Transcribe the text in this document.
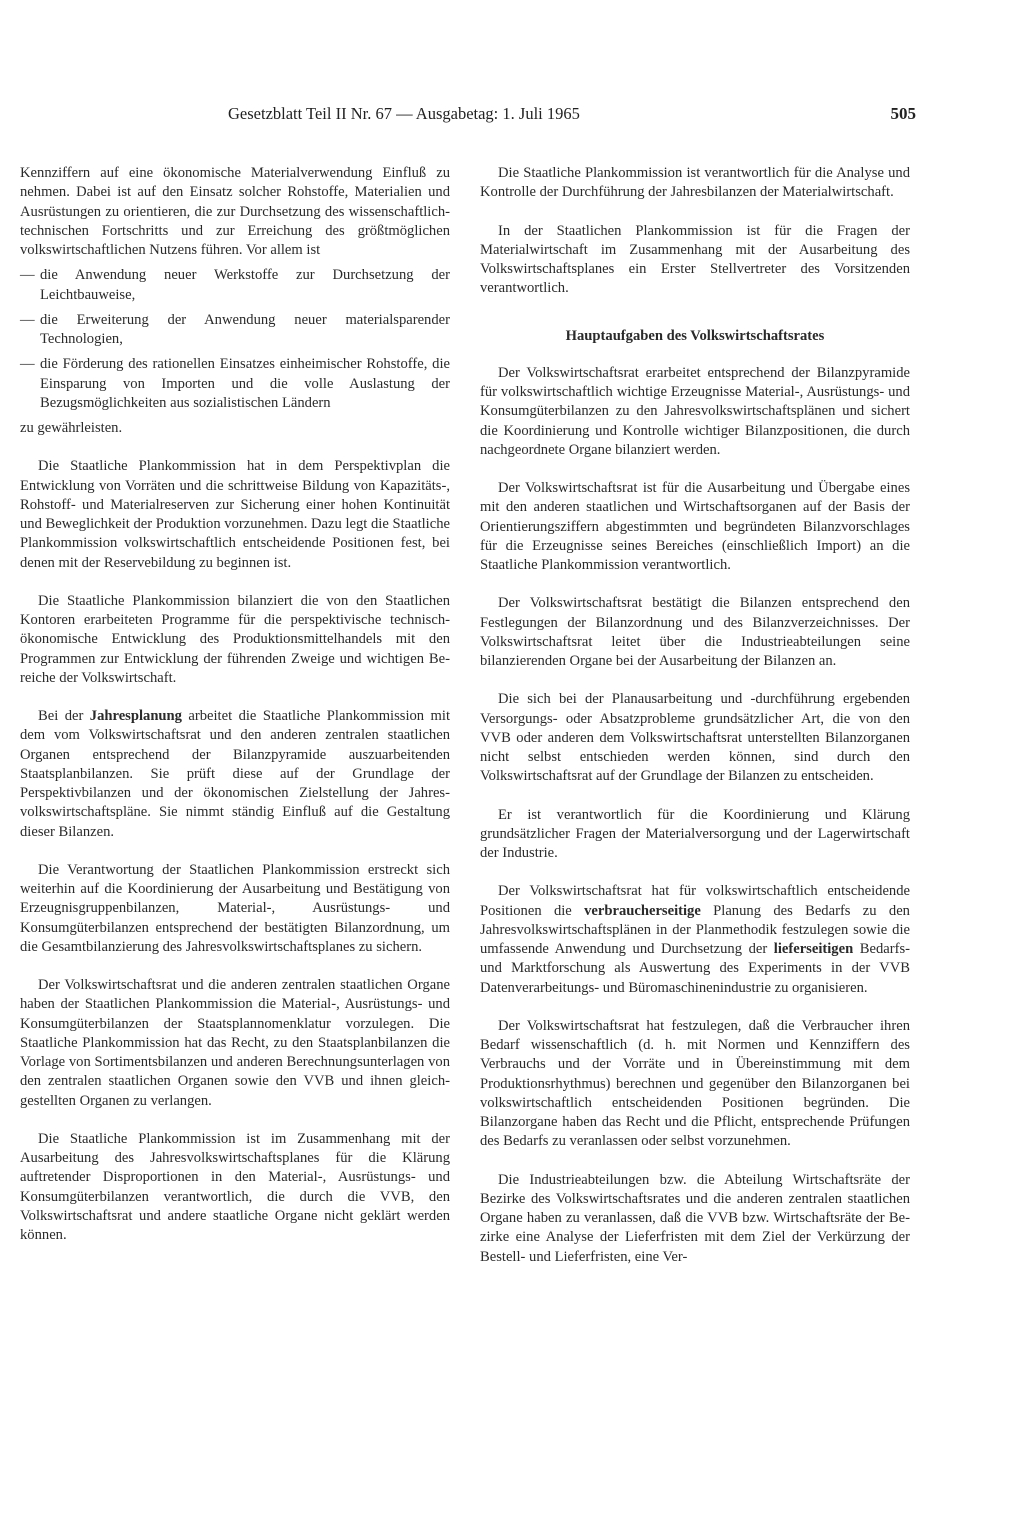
Gesetzblatt Teil II Nr. 67 — Ausgabetag: 1. Juli 1965	505

Kennziffern auf eine ökonomische Materialverwendung Einfluß zu nehmen. Dabei ist auf den Einsatz solcher Rohstoffe, Materialien und Ausrüstungen zu orientieren, die zur Durchsetzung des wissenschaftlich-technischen Fortschritts und zur Erreichung des größtmöglichen volkswirtschaftlichen Nutzens führen. Vor allem ist

— die Anwendung neuer Werkstoffe zur Durchsetzung der Leichtbauweise,
— die Erweiterung der Anwendung neuer materialsparender Technologien,
— die Förderung des rationellen Einsatzes einheimischer Rohstoffe, die Einsparung von Importen und die volle Auslastung der Bezugsmöglichkeiten aus sozialistischen Ländern

zu gewährleisten.

Die Staatliche Plankommission hat in dem Perspektivplan die Entwicklung von Vorräten und die schrittweise Bildung von Kapazitäts-, Rohstoff- und Materialreserven zur Sicherung einer hohen Kontinuität und Beweglichkeit der Produktion vorzunehmen. Dazu legt die Staatliche Plankommission volkswirtschaftlich entscheidende Positionen fest, bei denen mit der Reservebildung zu beginnen ist.

Die Staatliche Plankommission bilanziert die von den Staatlichen Kontoren erarbeiteten Programme für die perspektivische technisch-ökonomische Entwicklung des Produktionsmittelhandels mit den Programmen zur Entwicklung der führenden Zweige und wichtigen Bereiche der Volkswirtschaft.

Bei der Jahresplanung arbeitet die Staatliche Plankommission mit dem vom Volkswirtschaftsrat und den anderen zentralen staatlichen Organen entsprechend der Bilanzpyramide auszuarbeitenden Staatsplanbilanzen. Sie prüft diese auf der Grundlage der Perspektivbilanzen und der ökonomischen Zielstellung der Jahresvolkswirtschaftspläne. Sie nimmt ständig Einfluß auf die Gestaltung dieser Bilanzen.

Die Verantwortung der Staatlichen Plankommission erstreckt sich weiterhin auf die Koordinierung der Ausarbeitung und Bestätigung von Erzeugnisgruppenbilanzen, Material-, Ausrüstungs- und Konsumgüterbilanzen entsprechend der bestätigten Bilanzordnung, um die Gesamtbilanzierung des Jahresvolkswirtschaftsplanes zu sichern.

Der Volkswirtschaftsrat und die anderen zentralen staatlichen Organe haben der Staatlichen Plankommission die Material-, Ausrüstungs- und Konsumgüterbilanzen der Staatsplannomenklatur vorzulegen. Die Staatliche Plankommission hat das Recht, zu den Staatsplanbilanzen die Vorlage von Sortimentsbilanzen und anderen Berechnungsunterlagen von den zentralen staatlichen Organen sowie den VVB und ihnen gleichgestellten Organen zu verlangen.

Die Staatliche Plankommission ist im Zusammenhang mit der Ausarbeitung des Jahresvolkswirtschaftsplanes für die Klärung auftretender Disproportionen in den Material-, Ausrüstungs- und Konsumgüterbilanzen verantwortlich, die durch die VVB, den Volkswirtschaftsrat und andere staatliche Organe nicht geklärt werden können.

Die Staatliche Plankommission ist verantwortlich für die Analyse und Kontrolle der Durchführung der Jahresbilanzen der Materialwirtschaft.

In der Staatlichen Plankommission ist für die Fragen der Materialwirtschaft im Zusammenhang mit der Ausarbeitung des Volkswirtschaftsplanes ein Erster Stellvertreter des Vorsitzenden verantwortlich.

Hauptaufgaben des Volkswirtschaftsrates

Der Volkswirtschaftsrat erarbeitet entsprechend der Bilanzpyramide für volkswirtschaftlich wichtige Erzeugnisse Material-, Ausrüstungs- und Konsumgüterbilanzen zu den Jahresvolkswirtschaftsplänen und sichert die Koordinierung und Kontrolle wichtiger Bilanzpositionen, die durch nachgeordnete Organe bilanziert werden.

Der Volkswirtschaftsrat ist für die Ausarbeitung und Übergabe eines mit den anderen staatlichen und Wirtschaftsorganen auf der Basis der Orientierungsziffern abgestimmten und begründeten Bilanzvorschlages für die Erzeugnisse seines Bereiches (einschließlich Import) an die Staatliche Plankommission verantwortlich.

Der Volkswirtschaftsrat bestätigt die Bilanzen entsprechend den Festlegungen der Bilanzordnung und des Bilanzverzeichnisses. Der Volkswirtschaftsrat leitet über die Industrieabteilungen seine bilanzierenden Organe bei der Ausarbeitung der Bilanzen an.

Die sich bei der Planausarbeitung und -durchführung ergebenden Versorgungs- oder Absatzprobleme grundsätzlicher Art, die von den VVB oder anderen dem Volkswirtschaftsrat unterstellten Bilanzorganen nicht selbst entschieden werden können, sind durch den Volkswirtschaftsrat auf der Grundlage der Bilanzen zu entscheiden.

Er ist verantwortlich für die Koordinierung und Klärung grundsätzlicher Fragen der Materialversorgung und der Lagerwirtschaft der Industrie.

Der Volkswirtschaftsrat hat für volkswirtschaftlich entscheidende Positionen die verbraucherseitige Planung des Bedarfs zu den Jahresvolkswirtschaftsplänen in der Planmethodik festzulegen sowie die umfassende Anwendung und Durchsetzung der lieferseitigen Bedarfs- und Marktforschung als Auswertung des Experiments in der VVB Datenverarbeitungs- und Büromaschinenindustrie zu organisieren.

Der Volkswirtschaftsrat hat festzulegen, daß die Verbraucher ihren Bedarf wissenschaftlich (d. h. mit Normen und Kennziffern des Verbrauchs und der Vorräte und in Übereinstimmung mit dem Produktionsrhythmus) berechnen und gegenüber den Bilanzorganen bei volkswirtschaftlich entscheidenden Positionen begründen. Die Bilanzorgane haben das Recht und die Pflicht, entsprechende Prüfungen des Bedarfs zu veranlassen oder selbst vorzunehmen.

Die Industrieabteilungen bzw. die Abteilung Wirtschaftsräte der Bezirke des Volkswirtschaftsrates und die anderen zentralen staatlichen Organe haben zu veranlassen, daß die VVB bzw. Wirtschaftsräte der Bezirke eine Analyse der Lieferfristen mit dem Ziel der Verkürzung der Bestell- und Lieferfristen, eine Ver-
